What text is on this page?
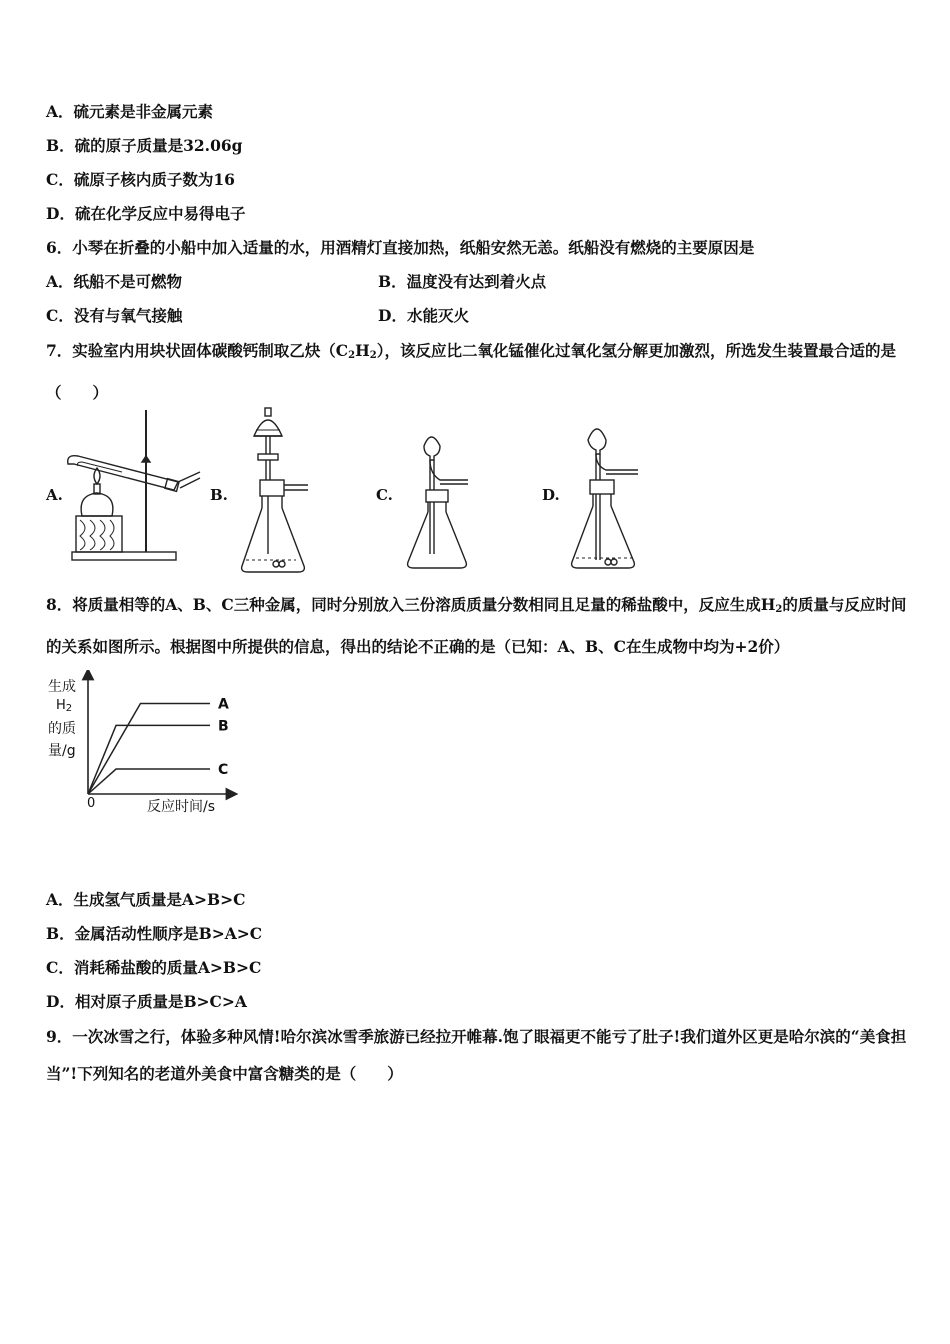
A．硫元素是非金属元素
B．硫的原子质量是32.06g
C．硫原子核内质子数为16
D．硫在化学反应中易得电子
6．小琴在折叠的小船中加入适量的水，用酒精灯直接加热，纸船安然无恙。纸船没有燃烧的主要原因是
A．纸船不是可燃物	B．温度没有达到着火点
C．没有与氧气接触	D．水能灭火
7．实验室内用块状固体碳酸钙制取乙炔$(C_2H_2)$，该反应比二氧化锰催化过氧化氢分解更加激烈，所选发生装置最合适的是（　　）
A.	B.	C.	D.
8．将质量相等的A、B、C三种金属，同时分别放入三份溶质质量分数相同且足量的稀盐酸中，反应生成$H_2$的质量与反应时间的关系如图所示。根据图中所提供的信息，得出的结论不正确的是（已知：A、B、C在生成物中均为+2价）
生成
$H_2$
的质
量/g
0	反应时间/s
A
B
C
A．生成氢气质量是A>B>C
B．金属活动性顺序是B>A>C
C．消耗稀盐酸的质量A>B>C
D．相对原子质量是B>C>A
9．一次冰雪之行，体验多种风情!哈尔滨冰雪季旅游已经拉开帷幕.饱了眼福更不能亏了肚子!我们道外区更是哈尔滨的“美食担当”!下列知名的老道外美食中富含糖类的是（　　）
